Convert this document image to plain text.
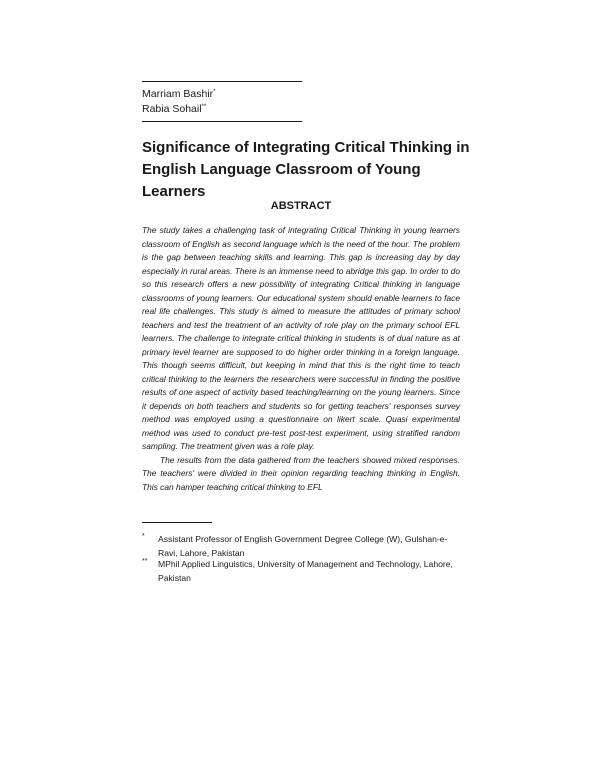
Marriam Bashir*
Rabia Sohail**
Significance of Integrating Critical Thinking in English Language Classroom of Young Learners
ABSTRACT

The study takes a challenging task of integrating Critical Thinking in young learners classroom of English as second language which is the need of the hour. The problem is the gap between teaching skills and learning. This gap is increasing day by day especially in rural areas. There is an immense need to abridge this gap. In order to do so this research offers a new possibility of integrating Critical thinking in language classrooms of young learners. Our educational system should enable learners to face real life challenges. This study is aimed to measure the attitudes of primary school teachers and test the treatment of an activity of role play on the primary school EFL learners. The challenge to integrate critical thinking in students is of dual nature as at primary level learner are supposed to do higher order thinking in a foreign language. This though seems difficult, but keeping in mind that this is the right time to teach critical thinking to the learners the researchers were successful in finding the positive results of one aspect of activity based teaching/learning on the young learners. Since it depends on both teachers and students so for getting teachers' responses survey method was employed using a questionnaire on likert scale. Quasi experimental method was used to conduct pre-test post-test experiment, using stratified random sampling. The treatment given was a role play.

The results from the data gathered from the teachers showed mixed responses. The teachers' were divided in their opinion regarding teaching thinking in English. This can hamper teaching critical thinking to EFL

*	Assistant Professor of English Government Degree College (W), Gulshan-e- Ravi, Lahore, Pakistan
**	MPhil Applied Linguistics, University of Management and Technology, Lahore, Pakistan
